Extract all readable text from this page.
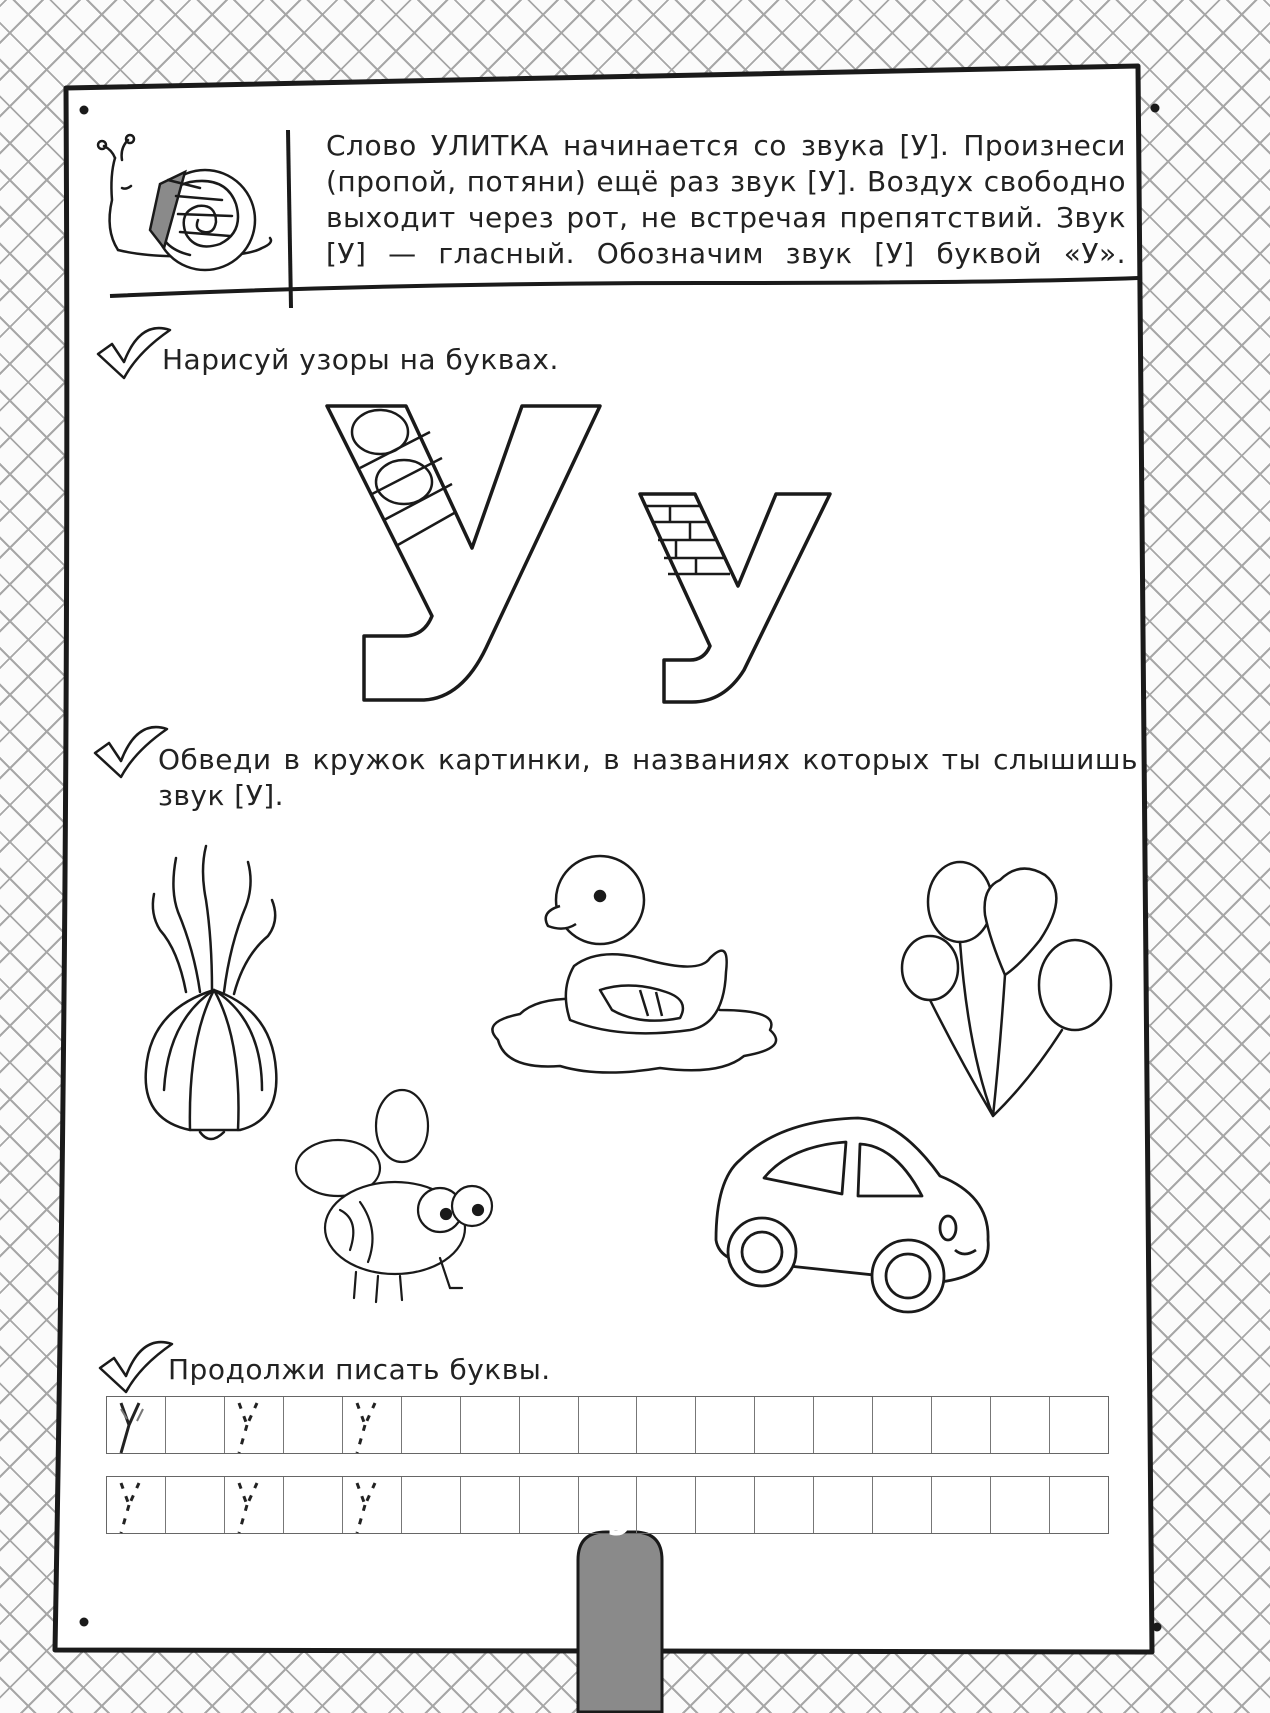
Слово УЛИТКА начинается со звука [У]. Произнеси
(пропой, потяни) ещё раз звук [У]. Воздух свободно
выходит через рот, не встречая препятствий. Звук
[У] — гласный. Обозначим звук [У] буквой «У».
Нарисуй узоры на буквах.
Обведи в кружок картинки, в названиях которых ты слышишь
звук [У].
Продолжи писать буквы.
9
